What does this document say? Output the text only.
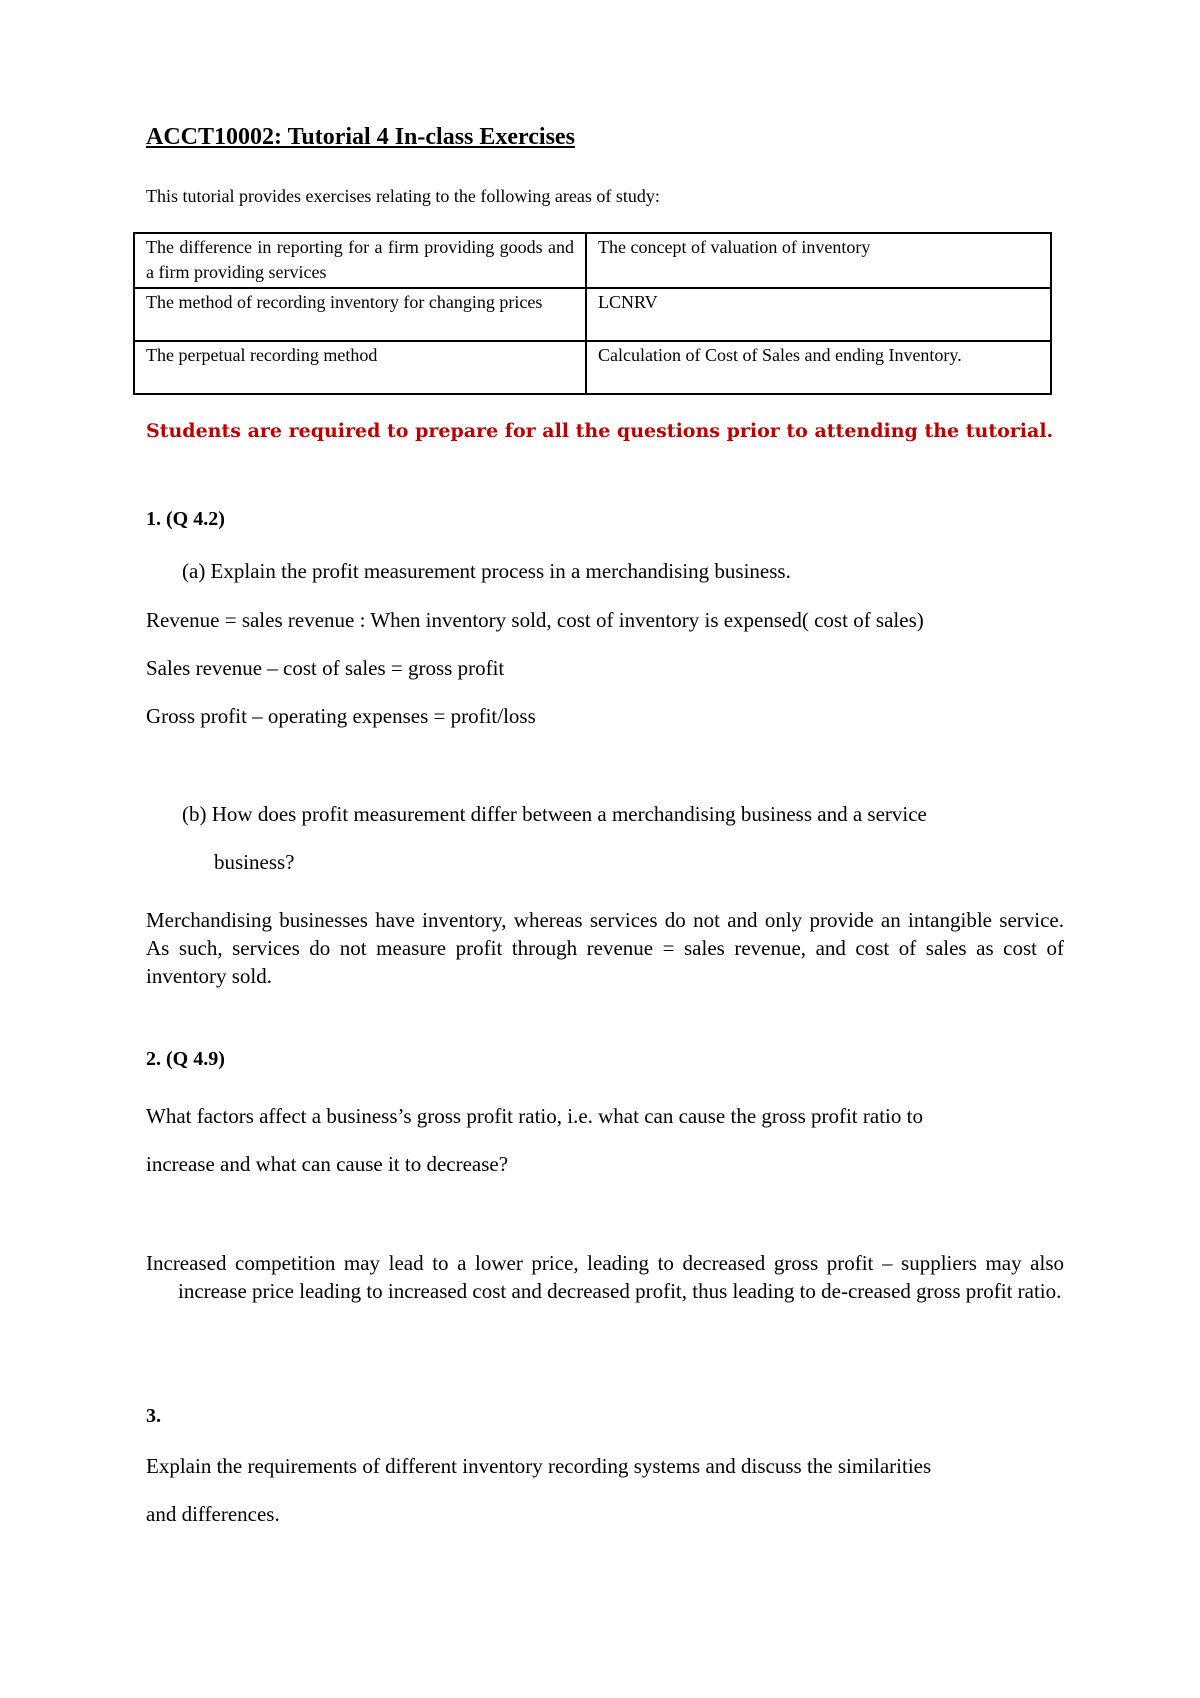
ACCT10002: Tutorial 4 In-class Exercises

This tutorial provides exercises relating to the following areas of study:

The difference in reporting for a firm providing goods and a firm providing services	The concept of valuation of inventory
The method of recording inventory for changing prices	LCNRV
The perpetual recording method	Calculation of Cost of Sales and ending Inventory.

Students are required to prepare for all the questions prior to attending the tutorial.

1. (Q 4.2)

(a) Explain the profit measurement process in a merchandising business.

Revenue = sales revenue : When inventory sold, cost of inventory is expensed( cost of sales)

Sales revenue – cost of sales = gross profit

Gross profit – operating expenses = profit/loss

(b) How does profit measurement differ between a merchandising business and a service

business?

Merchandising businesses have inventory, whereas services do not and only provide an intangible service. As such, services do not measure profit through revenue = sales revenue, and cost of sales as cost of inventory sold.

2. (Q 4.9)

What factors affect a business’s gross profit ratio, i.e. what can cause the gross profit ratio to

increase and what can cause it to decrease?

Increased competition may lead to a lower price, leading to decreased gross profit – suppliers may also increase price leading to increased cost and decreased profit, thus leading to de-creased gross profit ratio.

3.

Explain the requirements of different inventory recording systems and discuss the similarities

and differences.
